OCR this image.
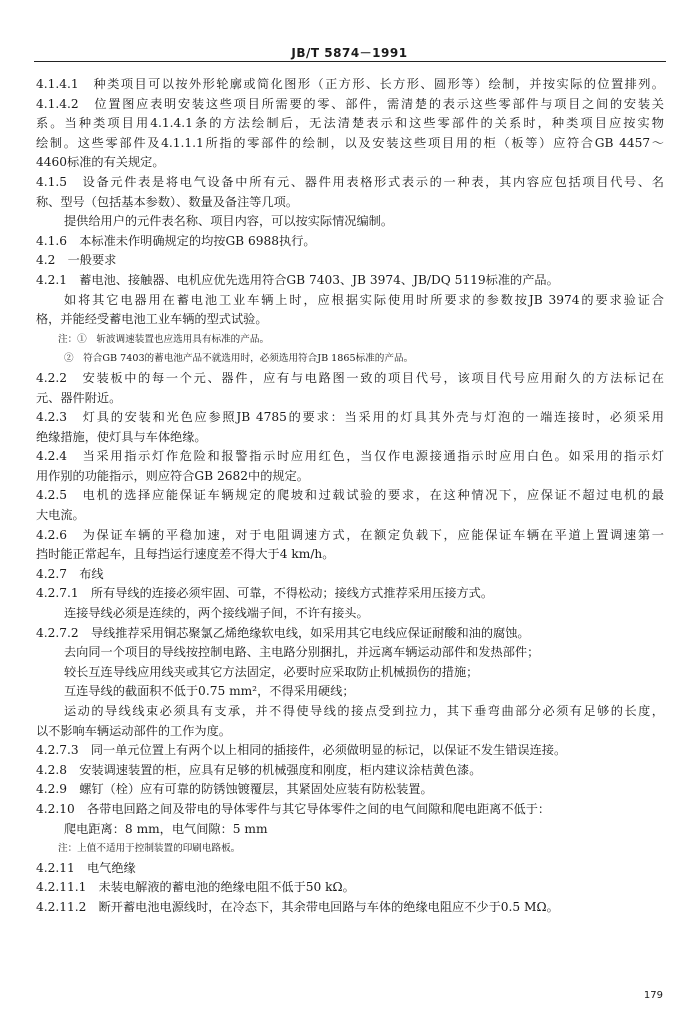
JB/T 5874－1991
4.1.4.1　种类项目可以按外形轮廓或简化图形（正方形、长方形、圆形等）绘制，并按实际的位置排列。
4.1.4.2　位置图应表明安装这些项目所需要的零、部件，需清楚的表示这些零部件与项目之间的安装关
系。当种类项目用4.1.4.1条的方法绘制后，无法清楚表示和这些零部件的关系时，种类项目应按实物
绘制。这些零部件及4.1.1.1所指的零部件的绘制，以及安装这些项目用的柜（板等）应符合GB 4457～
4460标准的有关规定。
4.1.5　设备元件表是将电气设备中所有元、器件用表格形式表示的一种表，其内容应包括项目代号、名
称、型号（包括基本参数）、数量及备注等几项。
提供给用户的元件表名称、项目内容，可以按实际情况编制。
4.1.6　本标准未作明确规定的均按GB 6988执行。
4.2　一般要求
4.2.1　蓄电池、接触器、电机应优先选用符合GB 7403、JB 3974、JB/DQ 5119标准的产品。
如将其它电器用在蓄电池工业车辆上时，应根据实际使用时所要求的参数按JB 3974的要求验证合
格，并能经受蓄电池工业车辆的型式试验。
注：①　斩波调速装置也应选用具有标准的产品。
②　符合GB 7403的蓄电池产品不就选用时，必须选用符合JB 1865标准的产品。
4.2.2　安装板中的每一个元、器件，应有与电路图一致的项目代号，该项目代号应用耐久的方法标记在
元、器件附近。
4.2.3　灯具的安装和光色应参照JB 4785的要求：当采用的灯具其外壳与灯泡的一端连接时，必须采用
绝缘措施，使灯具与车体绝缘。
4.2.4　当采用指示灯作危险和报警指示时应用红色，当仅作电源接通指示时应用白色。如采用的指示灯
用作别的功能指示，则应符合GB 2682中的规定。
4.2.5　电机的选择应能保证车辆规定的爬坡和过载试验的要求，在这种情况下，应保证不超过电机的最
大电流。
4.2.6　为保证车辆的平稳加速，对于电阻调速方式，在额定负载下，应能保证车辆在平道上置调速第一
挡时能正常起车，且每挡运行速度差不得大于4 km/h。
4.2.7　布线
4.2.7.1　所有导线的连接必须牢固、可靠，不得松动；接线方式推荐采用压接方式。
连接导线必须是连续的，两个接线端子间，不许有接头。
4.2.7.2　导线推荐采用铜芯聚氯乙烯绝缘软电线，如采用其它电线应保证耐酸和油的腐蚀。
去向同一个项目的导线按控制电路、主电路分别捆扎，并远离车辆运动部件和发热部件；
较长互连导线应用线夹或其它方法固定，必要时应采取防止机械损伤的措施；
互连导线的截面积不低于0.75 mm²，不得采用硬线；
运动的导线线束必须具有支承，并不得使导线的接点受到拉力，其下垂弯曲部分必须有足够的长度，
以不影响车辆运动部件的工作为度。
4.2.7.3　同一单元位置上有两个以上相同的插接件，必须做明显的标记，以保证不发生错误连接。
4.2.8　安装调速装置的柜，应具有足够的机械强度和刚度，柜内建议涂桔黄色漆。
4.2.9　螺钉（栓）应有可靠的防锈蚀镀覆层，其紧固处应装有防松装置。
4.2.10　各带电回路之间及带电的导体零件与其它导体零件之间的电气间隙和爬电距离不低于：
爬电距离：8 mm，电气间隙：5 mm
注：上值不适用于控制装置的印刷电路板。
4.2.11　电气绝缘
4.2.11.1　未装电解液的蓄电池的绝缘电阻不低于50 kΩ。
4.2.11.2　断开蓄电池电源线时，在冷态下，其余带电回路与车体的绝缘电阻应不少于0.5 MΩ。
179
